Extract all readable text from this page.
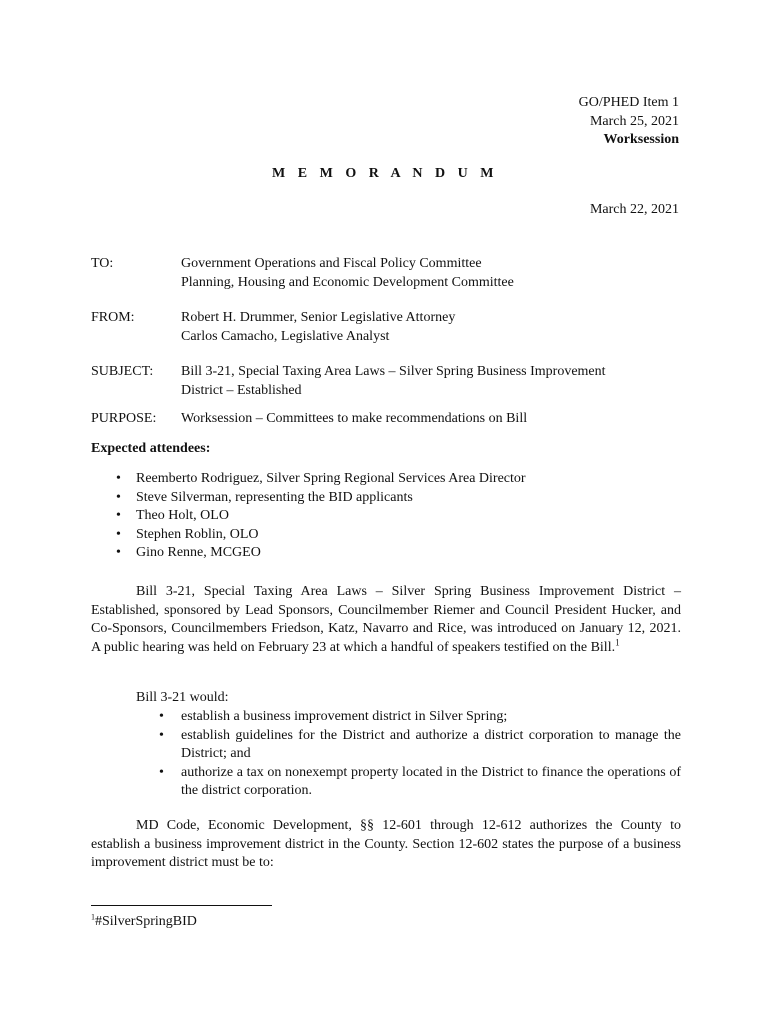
GO/PHED Item 1
March 25, 2021
Worksession
M E M O R A N D U M
March 22, 2021
TO:	Government Operations and Fiscal Policy Committee
Planning, Housing and Economic Development Committee
FROM:	Robert H. Drummer, Senior Legislative Attorney
Carlos Camacho, Legislative Analyst
SUBJECT: Bill 3-21, Special Taxing Area Laws – Silver Spring Business Improvement
District – Established
PURPOSE: Worksession – Committees to make recommendations on Bill
Expected attendees:
• Reemberto Rodriguez, Silver Spring Regional Services Area Director
• Steve Silverman, representing the BID applicants
• Theo Holt, OLO
• Stephen Roblin, OLO
• Gino Renne, MCGEO

Bill 3-21, Special Taxing Area Laws – Silver Spring Business Improvement District – Established, sponsored by Lead Sponsors, Councilmember Riemer and Council President Hucker, and Co-Sponsors, Councilmembers Friedson, Katz, Navarro and Rice, was introduced on January 12, 2021. A public hearing was held on February 23 at which a handful of speakers testified on the Bill.$^1$

Bill 3-21 would:

• establish a business improvement district in Silver Spring;
• establish guidelines for the District and authorize a district corporation to manage the District; and
• authorize a tax on nonexempt property located in the District to finance the operations of the district corporation.

MD Code, Economic Development, §§ 12-601 through 12-612 authorizes the County to establish a business improvement district in the County. Section 12-602 states the purpose of a business improvement district must be to:

$^1$#SilverSpringBID
